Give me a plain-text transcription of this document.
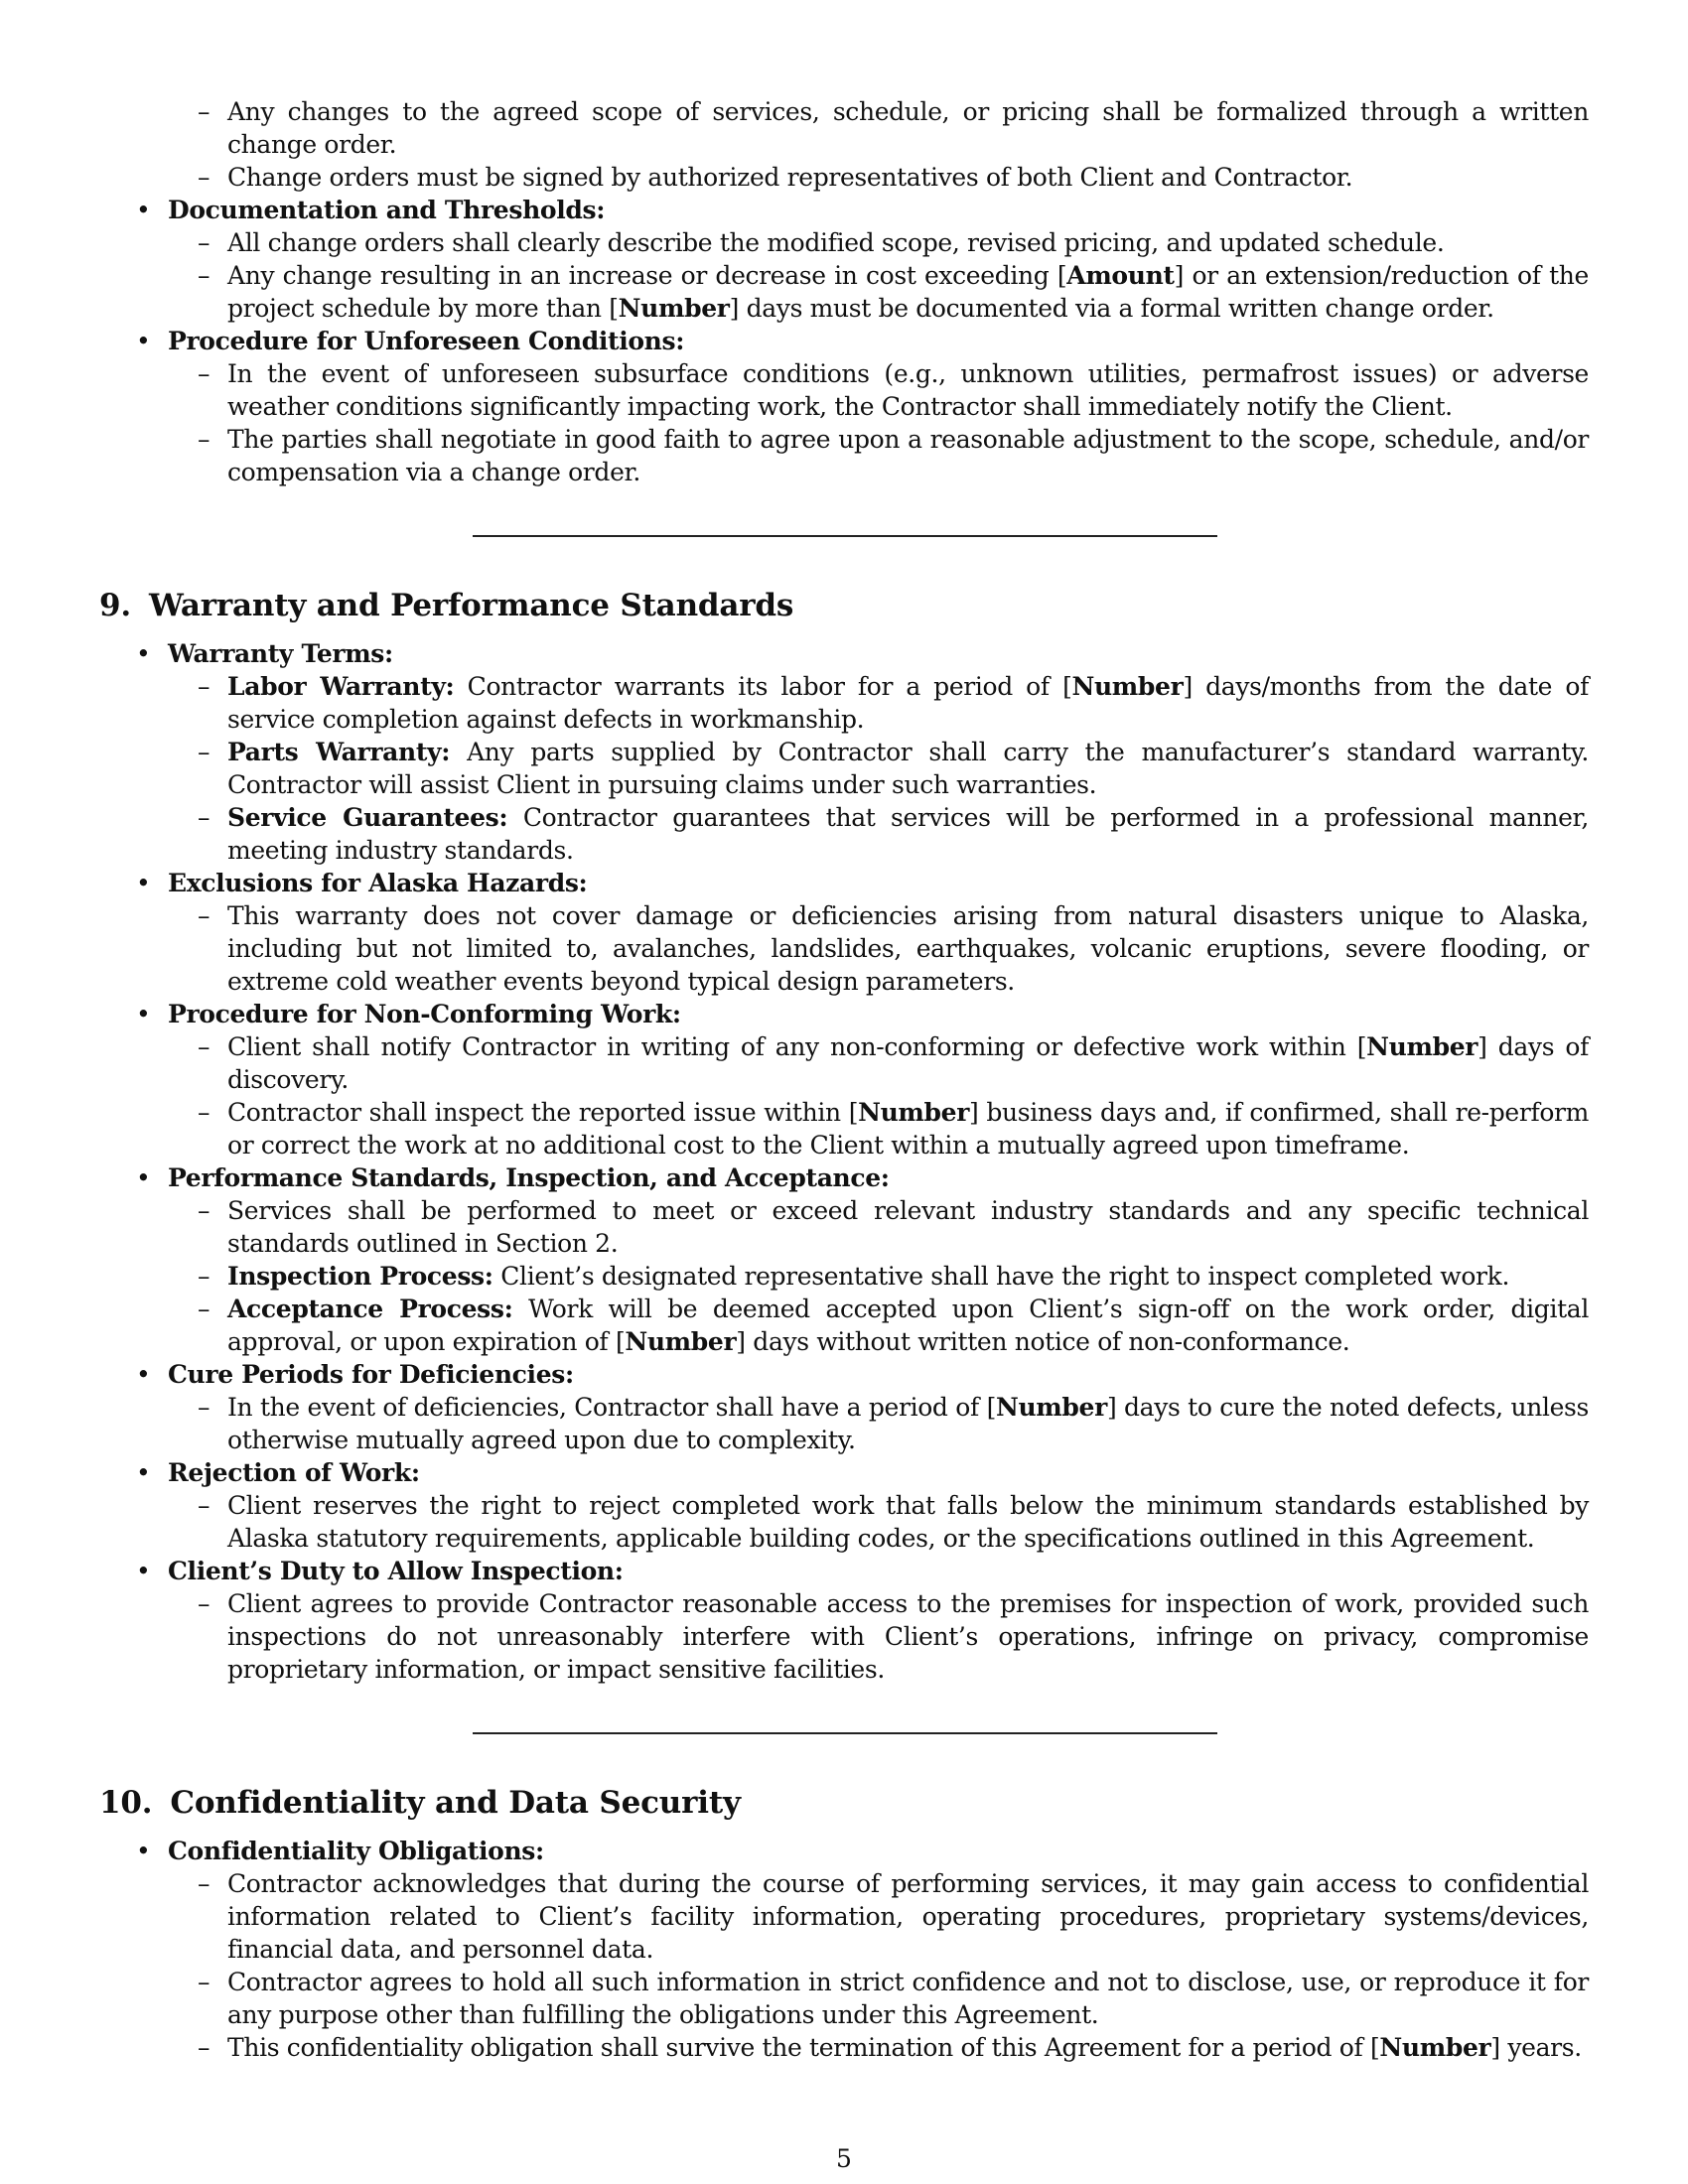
– Any changes to the agreed scope of services, schedule, or pricing shall be formalized through a written change order.
– Change orders must be signed by authorized representatives of both Client and Contractor.
• Documentation and Thresholds:
– All change orders shall clearly describe the modified scope, revised pricing, and updated schedule.
– Any change resulting in an increase or decrease in cost exceeding [Amount] or an extension/reduction of the project schedule by more than [Number] days must be documented via a formal written change order.
• Procedure for Unforeseen Conditions:
– In the event of unforeseen subsurface conditions (e.g., unknown utilities, permafrost issues) or adverse weather conditions significantly impacting work, the Contractor shall immediately notify the Client.
– The parties shall negotiate in good faith to agree upon a reasonable adjustment to the scope, schedule, and/or compensation via a change order.
9. Warranty and Performance Standards
• Warranty Terms:
– Labor Warranty: Contractor warrants its labor for a period of [Number] days/months from the date of service completion against defects in workmanship.
– Parts Warranty: Any parts supplied by Contractor shall carry the manufacturer’s standard warranty. Contractor will assist Client in pursuing claims under such warranties.
– Service Guarantees: Contractor guarantees that services will be performed in a professional manner, meeting industry standards.
• Exclusions for Alaska Hazards:
– This warranty does not cover damage or deficiencies arising from natural disasters unique to Alaska, including but not limited to, avalanches, landslides, earthquakes, volcanic eruptions, severe flooding, or extreme cold weather events beyond typical design parameters.
• Procedure for Non-Conforming Work:
– Client shall notify Contractor in writing of any non-conforming or defective work within [Number] days of discovery.
– Contractor shall inspect the reported issue within [Number] business days and, if confirmed, shall re-perform or correct the work at no additional cost to the Client within a mutually agreed upon timeframe.
• Performance Standards, Inspection, and Acceptance:
– Services shall be performed to meet or exceed relevant industry standards and any specific technical standards outlined in Section 2.
– Inspection Process: Client’s designated representative shall have the right to inspect completed work.
– Acceptance Process: Work will be deemed accepted upon Client’s sign-off on the work order, digital approval, or upon expiration of [Number] days without written notice of non-conformance.
• Cure Periods for Deficiencies:
– In the event of deficiencies, Contractor shall have a period of [Number] days to cure the noted defects, unless otherwise mutually agreed upon due to complexity.
• Rejection of Work:
– Client reserves the right to reject completed work that falls below the minimum standards established by Alaska statutory requirements, applicable building codes, or the specifications outlined in this Agreement.
• Client’s Duty to Allow Inspection:
– Client agrees to provide Contractor reasonable access to the premises for inspection of work, provided such inspections do not unreasonably interfere with Client’s operations, infringe on privacy, compromise proprietary information, or impact sensitive facilities.
10. Confidentiality and Data Security
• Confidentiality Obligations:
– Contractor acknowledges that during the course of performing services, it may gain access to confidential information related to Client’s facility information, operating procedures, proprietary systems/devices, financial data, and personnel data.
– Contractor agrees to hold all such information in strict confidence and not to disclose, use, or reproduce it for any purpose other than fulfilling the obligations under this Agreement.
– This confidentiality obligation shall survive the termination of this Agreement for a period of [Number] years.
5
